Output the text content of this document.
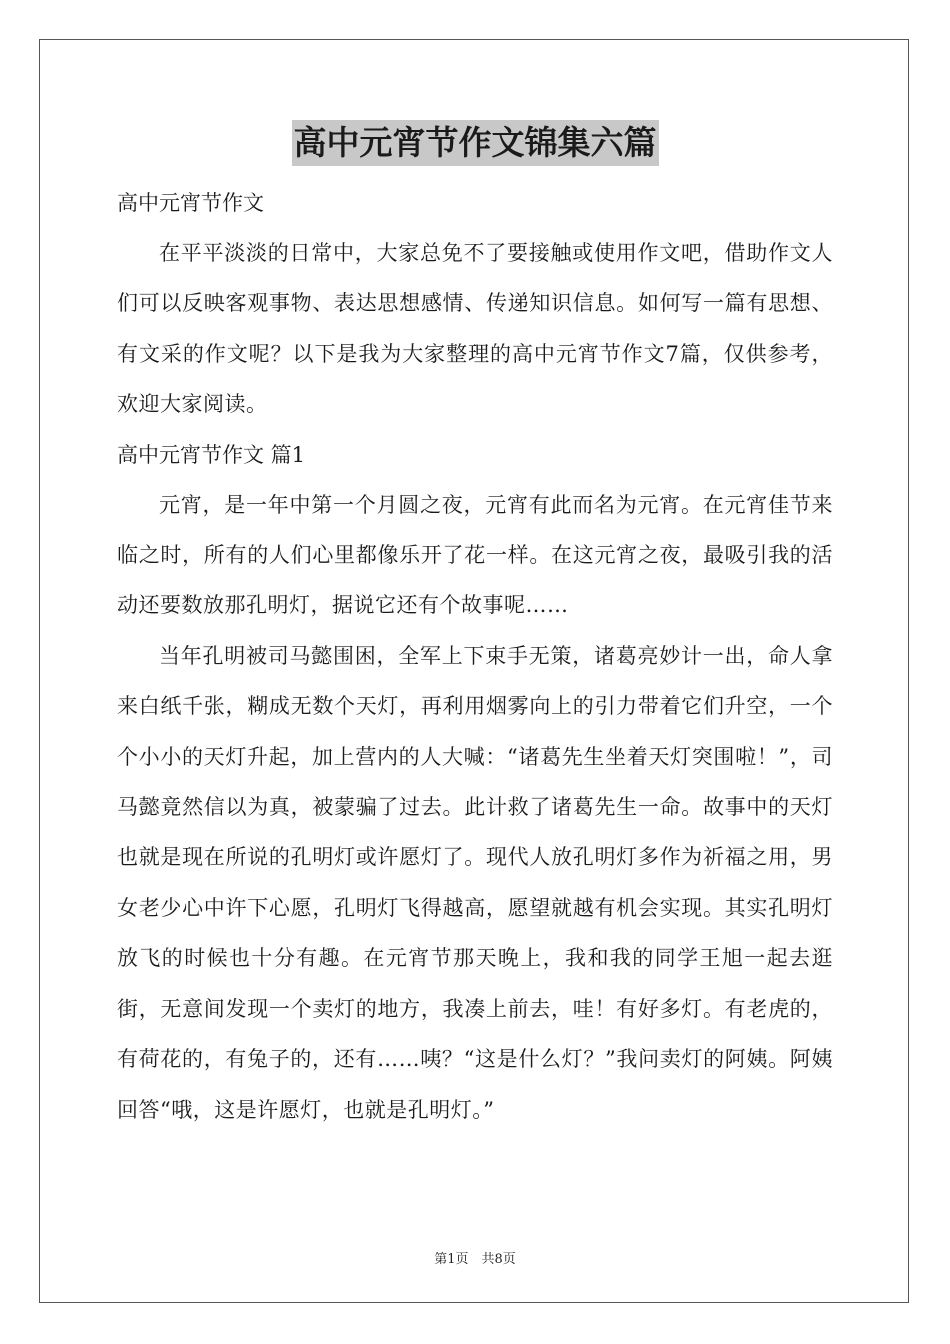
高中元宵节作文锦集六篇

高中元宵节作文

在平平淡淡的日常中，大家总免不了要接触或使用作文吧，借助作文人们可以反映客观事物、表达思想感情、传递知识信息。如何写一篇有思想、有文采的作文呢？以下是我为大家整理的高中元宵节作文7篇，仅供参考，欢迎大家阅读。

高中元宵节作文 篇1

元宵，是一年中第一个月圆之夜，元宵有此而名为元宵。在元宵佳节来临之时，所有的人们心里都像乐开了花一样。在这元宵之夜，最吸引我的活动还要数放那孔明灯，据说它还有个故事呢……

当年孔明被司马懿围困，全军上下束手无策，诸葛亮妙计一出，命人拿来白纸千张，糊成无数个天灯，再利用烟雾向上的引力带着它们升空，一个个小小的天灯升起，加上营内的人大喊：“诸葛先生坐着天灯突围啦！”，司马懿竟然信以为真，被蒙骗了过去。此计救了诸葛先生一命。故事中的天灯也就是现在所说的孔明灯或许愿灯了。现代人放孔明灯多作为祈福之用，男女老少心中许下心愿，孔明灯飞得越高，愿望就越有机会实现。其实孔明灯放飞的时候也十分有趣。在元宵节那天晚上，我和我的同学王旭一起去逛街，无意间发现一个卖灯的地方，我凑上前去，哇！有好多灯。有老虎的，有荷花的，有兔子的，还有……咦？“这是什么灯？”我问卖灯的阿姨。阿姨回答“哦，这是许愿灯，也就是孔明灯。”

第1页　共8页
